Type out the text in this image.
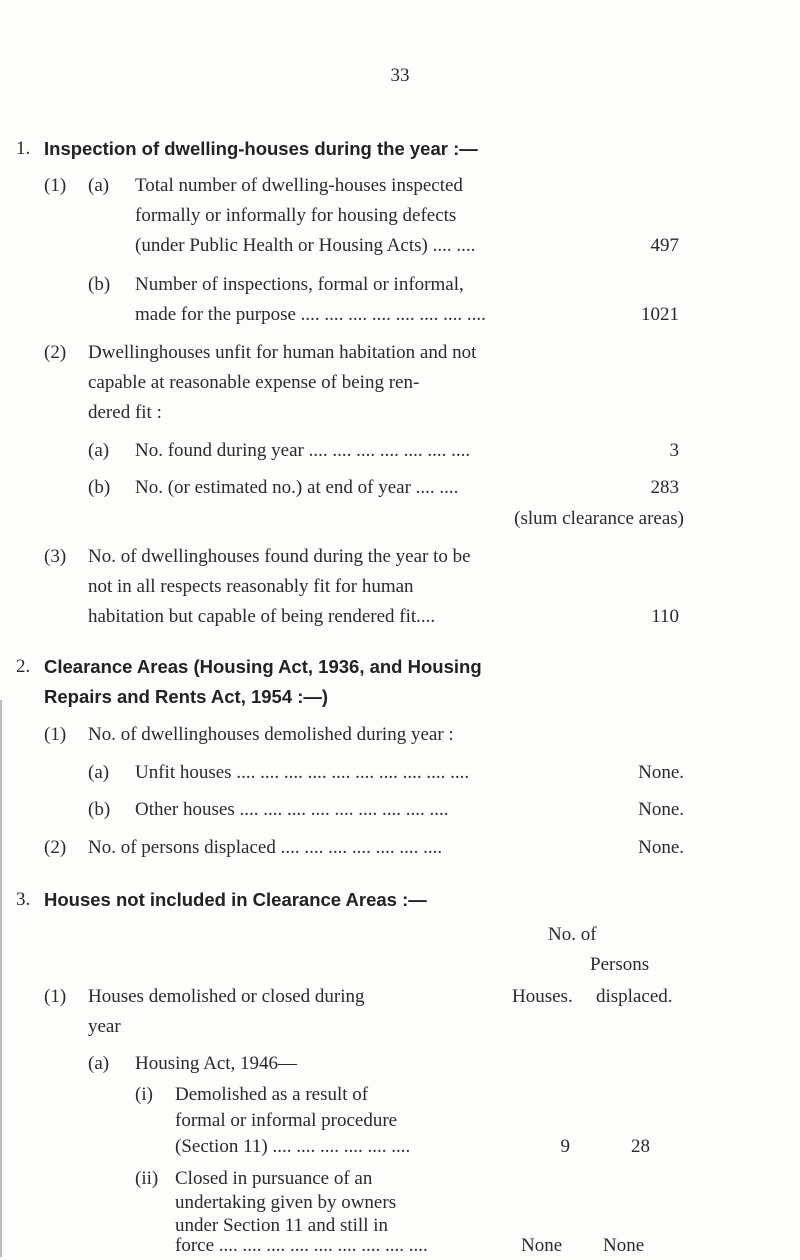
33
1. Inspection of dwelling-houses during the year :—
(1) (a) Total number of dwelling-houses inspected
formally or informally for housing defects
(under Public Health or Housing Acts) .... ....	497
(b) Number of inspections, formal or informal,
made for the purpose .... .... .... .... .... .... .... ....	1021
(2) Dwellinghouses unfit for human habitation and not
capable at reasonable expense of being ren-
dered fit :
(a) No. found during year .... .... .... .... .... .... ....	3
(b) No. (or estimated no.) at end of year .... ....	283
(slum clearance areas)
(3) No. of dwellinghouses found during the year to be
not in all respects reasonably fit for human
habitation but capable of being rendered fit....	110
2. Clearance Areas (Housing Act, 1936, and Housing
Repairs and Rents Act, 1954 :—)
(1) No. of dwellinghouses demolished during year :
(a) Unfit houses .... .... .... .... .... .... .... .... .... ....	None.
(b) Other houses .... .... .... .... .... .... .... .... ....	None.
(2) No. of persons displaced .... .... .... .... .... .... ....	None.
3. Houses not included in Clearance Areas :—
No. of
Persons
(1) Houses demolished or closed during	Houses. displaced.
year
(a) Housing Act, 1946—
(i) Demolished as a result of
formal or informal procedure
(Section 11) .... .... .... .... .... ....	9	28
(ii) Closed in pursuance of an
undertaking given by owners
under Section 11 and still in
force .... .... .... .... .... .... .... .... ....	None None
